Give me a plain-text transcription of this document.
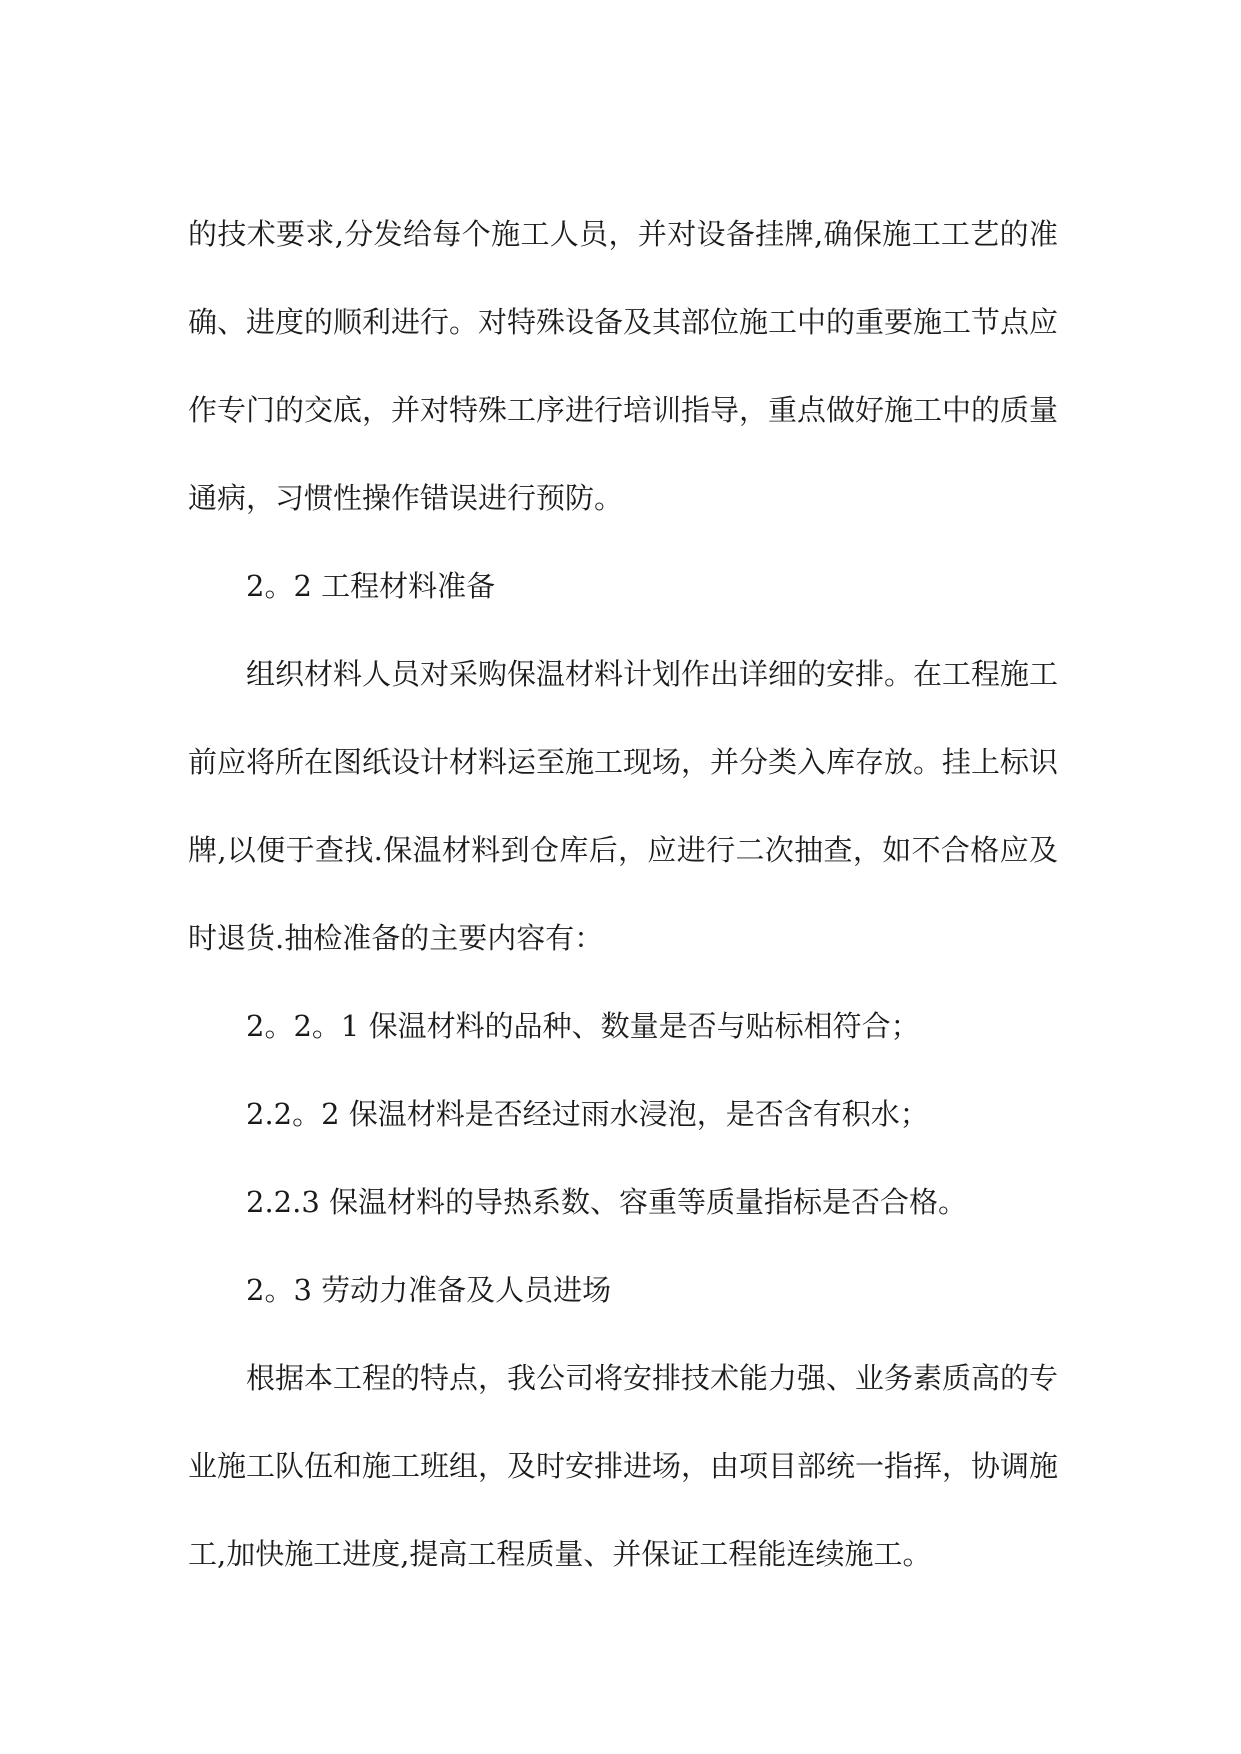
的技术要求,分发给每个施工人员，并对设备挂牌,确保施工工艺的准
确、进度的顺利进行。对特殊设备及其部位施工中的重要施工节点应
作专门的交底，并对特殊工序进行培训指导，重点做好施工中的质量
通病，习惯性操作错误进行预防。
2。2 工程材料准备
组织材料人员对采购保温材料计划作出详细的安排。在工程施工
前应将所在图纸设计材料运至施工现场，并分类入库存放。挂上标识
牌,以便于查找.保温材料到仓库后，应进行二次抽查，如不合格应及
时退货.抽检准备的主要内容有：
2。2。1 保温材料的品种、数量是否与贴标相符合；
2.2。2 保温材料是否经过雨水浸泡，是否含有积水；
2.2.3 保温材料的导热系数、容重等质量指标是否合格。
2。3 劳动力准备及人员进场
根据本工程的特点，我公司将安排技术能力强、业务素质高的专
业施工队伍和施工班组，及时安排进场，由项目部统一指挥，协调施
工,加快施工进度,提高工程质量、并保证工程能连续施工。
